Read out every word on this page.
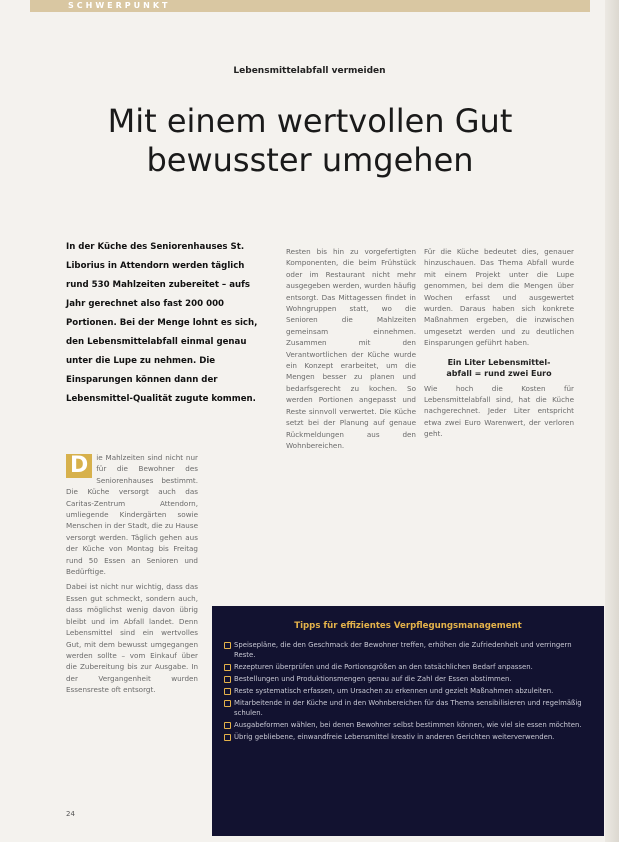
SCHWERPUNKT
Lebensmittelabfall vermeiden
Mit einem wertvollen Gut
bewusster umgehen
In der Küche des Seniorenhauses St. Liborius in Attendorn werden täglich rund 530 Mahlzeiten zubereitet – aufs Jahr gerechnet also fast 200 000 Portionen. Bei der Menge lohnt es sich, den Lebensmittelabfall einmal genau unter die Lupe zu nehmen. Die Einsparungen können dann der Lebensmittel-Qualität zugute kommen.

D	ie Mahlzeiten sind nicht nur für die Bewohner des Seniorenhauses bestimmt. Die Küche versorgt auch das Caritas-Zentrum Attendorn, umliegende Kindergärten sowie Menschen in der Stadt, die zu Hause versorgt werden. Täglich gehen aus der Küche von Montag bis Freitag rund 50 Essen an Senioren und Bedürftige.

Dabei ist nicht nur wichtig, dass das Essen gut schmeckt, sondern auch, dass möglichst wenig davon übrig bleibt und im Abfall landet. Denn Lebensmittel sind ein wertvolles Gut, mit dem bewusst umgegangen werden sollte – vom Einkauf über die Zubereitung bis zur Ausgabe. In der Vergangenheit wurden Essensreste oft entsorgt.

Resten bis hin zu vorgefertigten Komponenten, die beim Frühstück oder im Restaurant nicht mehr ausgegeben werden, wurden häufig entsorgt. Das Mittagessen findet in Wohngruppen statt, wo die Senioren die Mahlzeiten gemeinsam einnehmen. Zusammen mit den Verantwortlichen der Küche wurde ein Konzept erarbeitet, um die Mengen besser zu planen und bedarfsgerecht zu kochen. So werden Portionen angepasst und Reste sinnvoll verwertet. Die Küche setzt bei der Planung auf genaue Rückmeldungen aus den Wohnbereichen.

Für die Küche bedeutet dies, genauer hinzuschauen. Das Thema Abfall wurde mit einem Projekt unter die Lupe genommen, bei dem die Mengen über Wochen erfasst und ausgewertet wurden. Daraus haben sich konkrete Maßnahmen ergeben, die inzwischen umgesetzt werden und zu deutlichen Einsparungen geführt haben.

Ein Liter Lebensmittel-
abfall = rund zwei Euro

Wie hoch die Kosten für Lebensmittelabfall sind, hat die Küche nachgerechnet. Jeder Liter entspricht etwa zwei Euro Warenwert, der verloren geht.

Tipps für effizientes Verpflegungsmanagement
Speisepläne, die den Geschmack der Bewohner treffen, erhöhen die Zufriedenheit und verringern Reste.
Rezepturen überprüfen und die Portionsgrößen an den tatsächlichen Bedarf anpassen.
Bestellungen und Produktionsmengen genau auf die Zahl der Essen abstimmen.
Reste systematisch erfassen, um Ursachen zu erkennen und gezielt Maßnahmen abzuleiten.
Mitarbeitende in der Küche und in den Wohnbereichen für das Thema sensibilisieren und regelmäßig schulen.
Ausgabeformen wählen, bei denen Bewohner selbst bestimmen können, wie viel sie essen möchten.
Übrig gebliebene, einwandfreie Lebensmittel kreativ in anderen Gerichten weiterverwenden.
24
